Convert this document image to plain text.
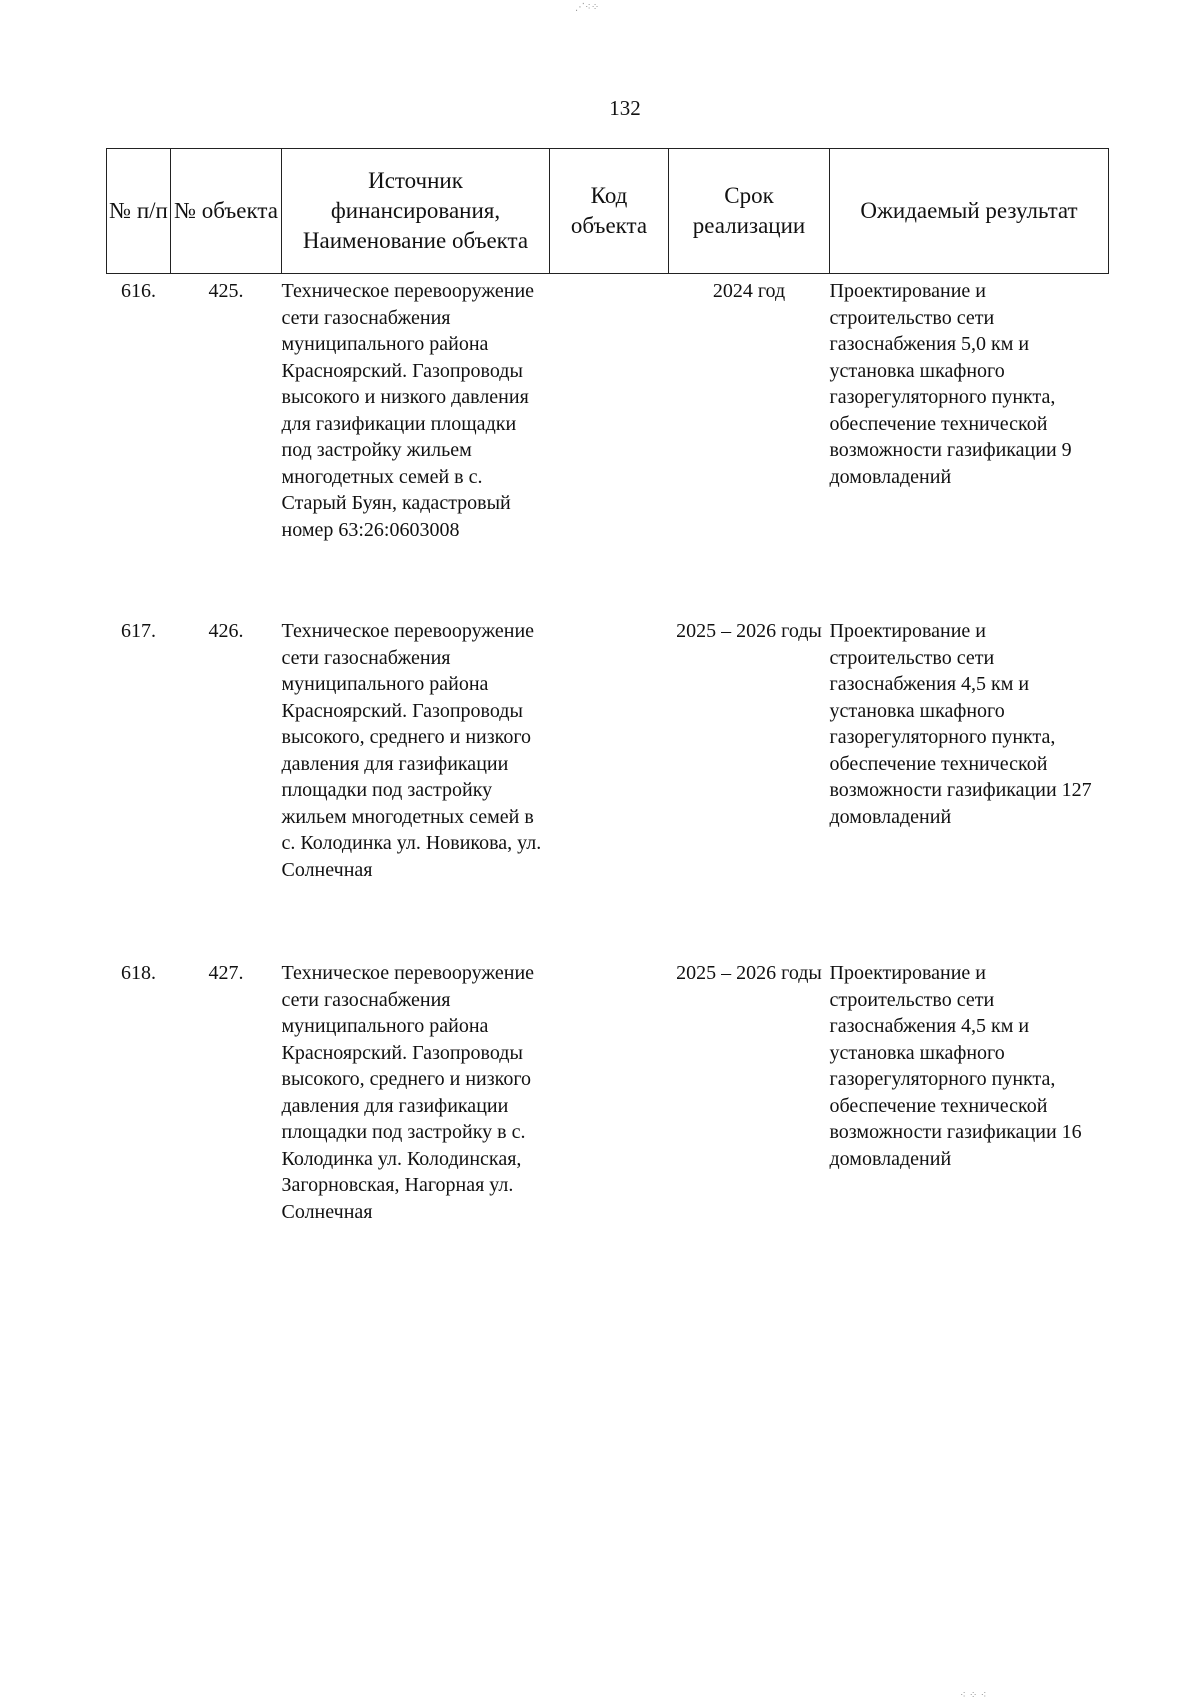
132
№ п/п	№ объекта	Источник финансирования, Наименование объекта	Код объекта	Срок реализации	Ожидаемый результат
616.	425.	Техническое перевооружение сети газоснабжения муниципального района Красноярский. Газопроводы высокого и низкого давления для газификации площадки под застройку жильем многодетных семей в с. Старый Буян, кадастровый номер 63:26:0603008		2024 год	Проектирование и строительство сети газоснабжения 5,0 км и установка шкафного газорегуляторного пункта, обеспечение технической возможности газификации 9 домовладений
617.	426.	Техническое перевооружение сети газоснабжения муниципального района Красноярский. Газопроводы высокого, среднего и низкого давления для газификации площадки под застройку жильем многодетных семей в с. Колодинка ул. Новикова, ул. Солнечная		2025 – 2026 годы	Проектирование и строительство сети газоснабжения 4,5 км и установка шкафного газорегуляторного пункта, обеспечение технической возможности газификации 127 домовладений
618.	427.	Техническое перевооружение сети газоснабжения муниципального района Красноярский. Газопроводы высокого, среднего и низкого давления для газификации площадки под застройку в с. Колодинка ул. Колодинская, Загорновская, Нагорная ул. Солнечная		2025 – 2026 годы	Проектирование и строительство сети газоснабжения 4,5 км и установка шкафного газорегуляторного пункта, обеспечение технической возможности газификации 16 домовладений
⋰⁖⁘
⁖ ⁘ ⁖
